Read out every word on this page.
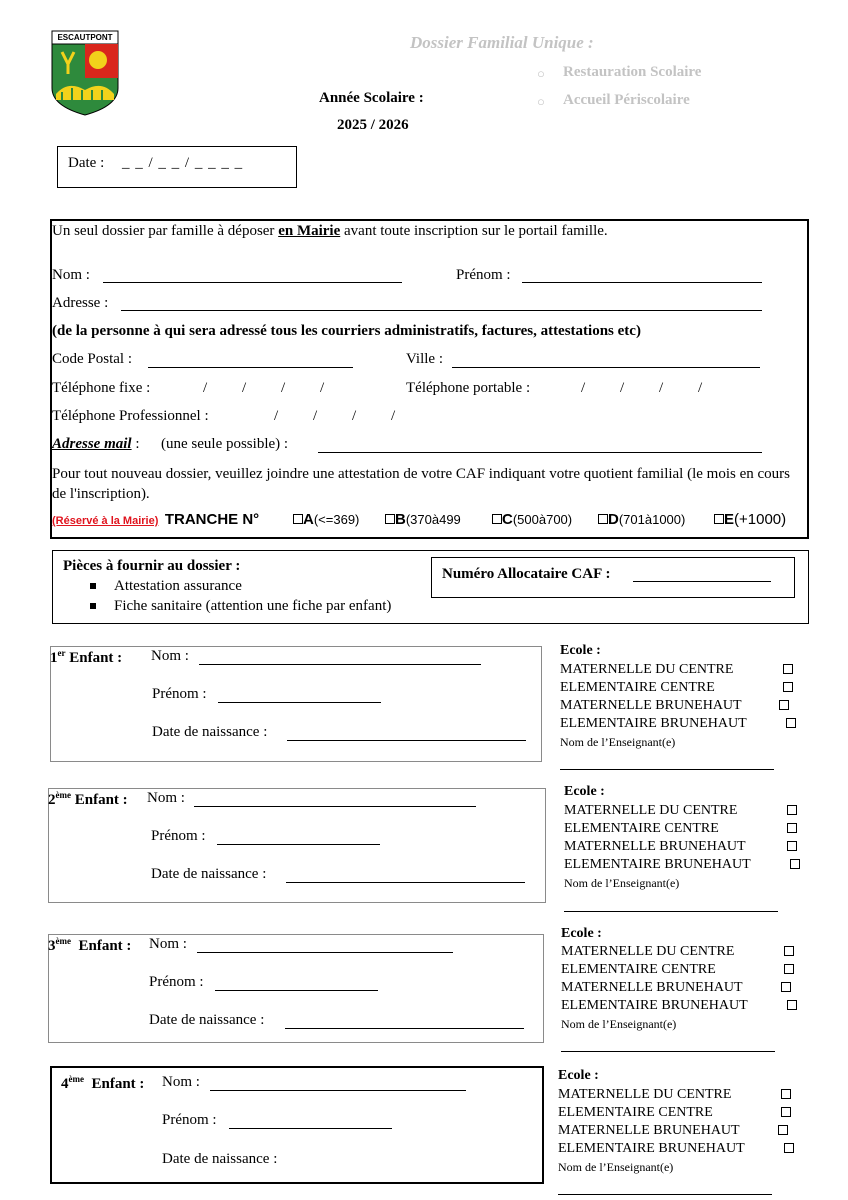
ESCAUTPONT	Dossier Familial Unique :
○ Restauration Scolaire
○ Accueil Périscolaire
Année Scolaire :
2025 / 2026
Date : _ _ / _ _ / _ _ _ _
Un seul dossier par famille à déposer en Mairie avant toute inscription sur le portail famille.
Nom :	Prénom :
Adresse :
(de la personne à qui sera adressé tous les courriers administratifs, factures, attestations etc)
Code Postal :	Ville :
Téléphone fixe :	/ / / /	Téléphone portable :	/ / / /
Téléphone Professionnel :	/ / / /
Adresse mail : (une seule possible) :
Pour tout nouveau dossier, veuillez joindre une attestation de votre CAF indiquant votre quotient familial (le mois en cours de l'inscription).
(Réservé à la Mairie) TRANCHE N°	A(<=369)	B(370à499	C(500à700)	D(701à1000)	E(+1000)
Pièces à fournir au dossier :
Attestation assurance
Fiche sanitaire (attention une fiche par enfant)
Numéro Allocataire CAF :
1er Enfant : Nom :
Prénom :
Date de naissance :
Ecole :
MATERNELLE DU CENTRE
ELEMENTAIRE CENTRE
MATERNELLE BRUNEHAUT
ELEMENTAIRE BRUNEHAUT
Nom de l’Enseignant(e)
2ème Enfant : Nom :
Prénom :
Date de naissance :
Ecole :
MATERNELLE DU CENTRE
ELEMENTAIRE CENTRE
MATERNELLE BRUNEHAUT
ELEMENTAIRE BRUNEHAUT
Nom de l’Enseignant(e)
3ème Enfant : Nom :
Prénom :
Date de naissance :
Ecole :
MATERNELLE DU CENTRE
ELEMENTAIRE CENTRE
MATERNELLE BRUNEHAUT
ELEMENTAIRE BRUNEHAUT
Nom de l’Enseignant(e)
4ème Enfant : Nom :
Prénom :
Date de naissance :
Ecole :
MATERNELLE DU CENTRE
ELEMENTAIRE CENTRE
MATERNELLE BRUNEHAUT
ELEMENTAIRE BRUNEHAUT
Nom de l’Enseignant(e)
